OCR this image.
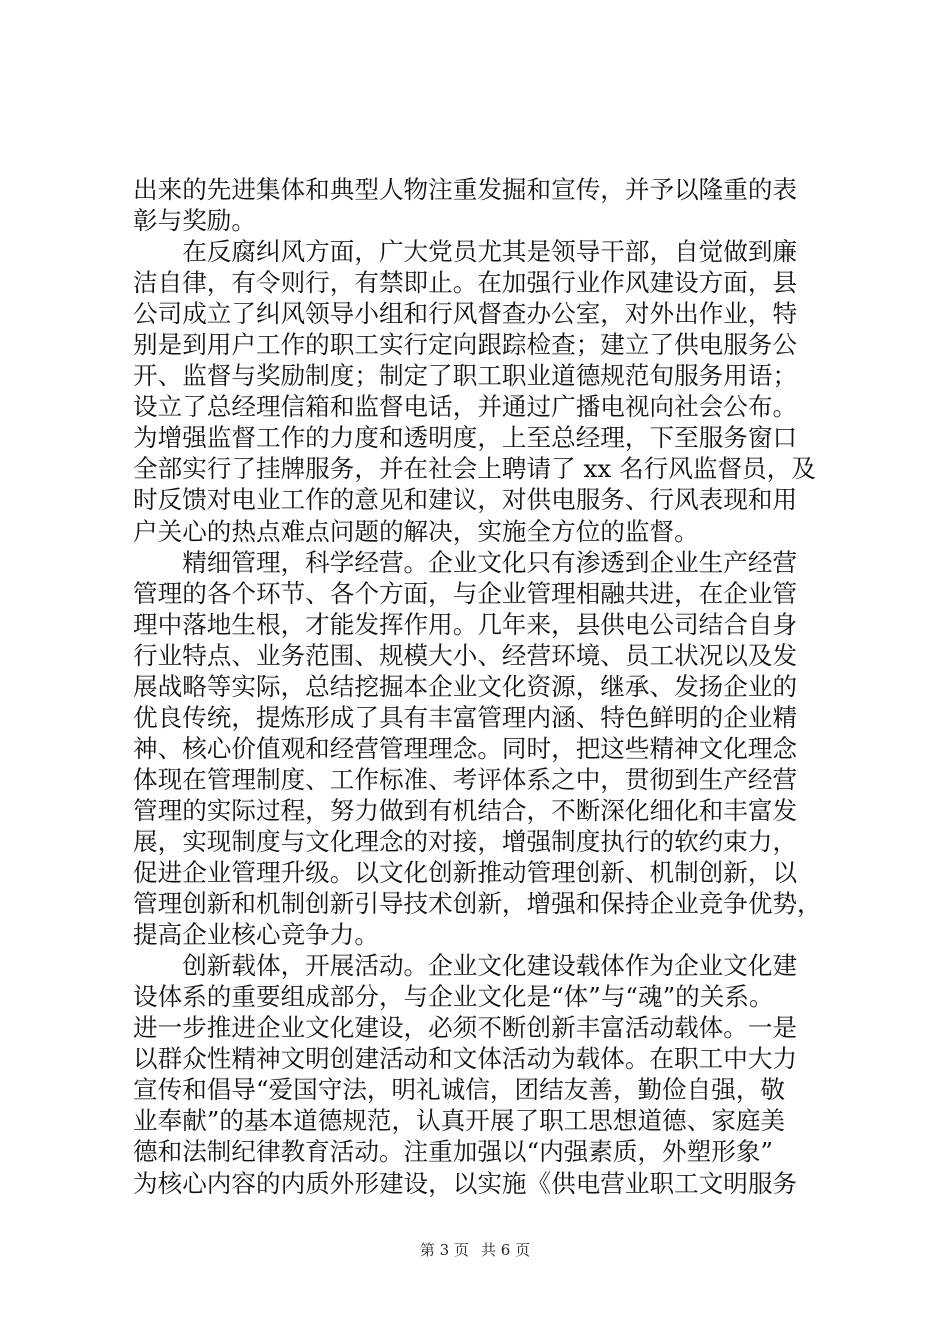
出来的先进集体和典型人物注重发掘和宣传，并予以隆重的表
彰与奖励。
　　在反腐纠风方面，广大党员尤其是领导干部，自觉做到廉
洁自律，有令则行，有禁即止。在加强行业作风建设方面，县
公司成立了纠风领导小组和行风督查办公室，对外出作业，特
别是到用户工作的职工实行定向跟踪检查；建立了供电服务公
开、监督与奖励制度；制定了职工职业道德规范旬服务用语；
设立了总经理信箱和监督电话，并通过广播电视向社会公布。
为增强监督工作的力度和透明度，上至总经理，下至服务窗口
全部实行了挂牌服务，并在社会上聘请了 xx 名行风监督员，及
时反馈对电业工作的意见和建议，对供电服务、行风表现和用
户关心的热点难点问题的解决，实施全方位的监督。
　　精细管理，科学经营。企业文化只有渗透到企业生产经营
管理的各个环节、各个方面，与企业管理相融共进，在企业管
理中落地生根，才能发挥作用。几年来，县供电公司结合自身
行业特点、业务范围、规模大小、经营环境、员工状况以及发
展战略等实际，总结挖掘本企业文化资源，继承、发扬企业的
优良传统，提炼形成了具有丰富管理内涵、特色鲜明的企业精
神、核心价值观和经营管理理念。同时，把这些精神文化理念
体现在管理制度、工作标准、考评体系之中，贯彻到生产经营
管理的实际过程，努力做到有机结合，不断深化细化和丰富发
展，实现制度与文化理念的对接，增强制度执行的软约束力，
促进企业管理升级。以文化创新推动管理创新、机制创新，以
管理创新和机制创新引导技术创新，增强和保持企业竞争优势，
提高企业核心竞争力。
　　创新载体，开展活动。企业文化建设载体作为企业文化建
设体系的重要组成部分，与企业文化是“体”与“魂”的关系。
进一步推进企业文化建设，必须不断创新丰富活动载体。一是
以群众性精神文明创建活动和文体活动为载体。在职工中大力
宣传和倡导“爱国守法，明礼诚信，团结友善，勤俭自强，敬
业奉献”的基本道德规范，认真开展了职工思想道德、家庭美
德和法制纪律教育活动。注重加强以“内强素质，外塑形象”
为核心内容的内质外形建设，以实施《供电营业职工文明服务
第 3 页 共 6 页
